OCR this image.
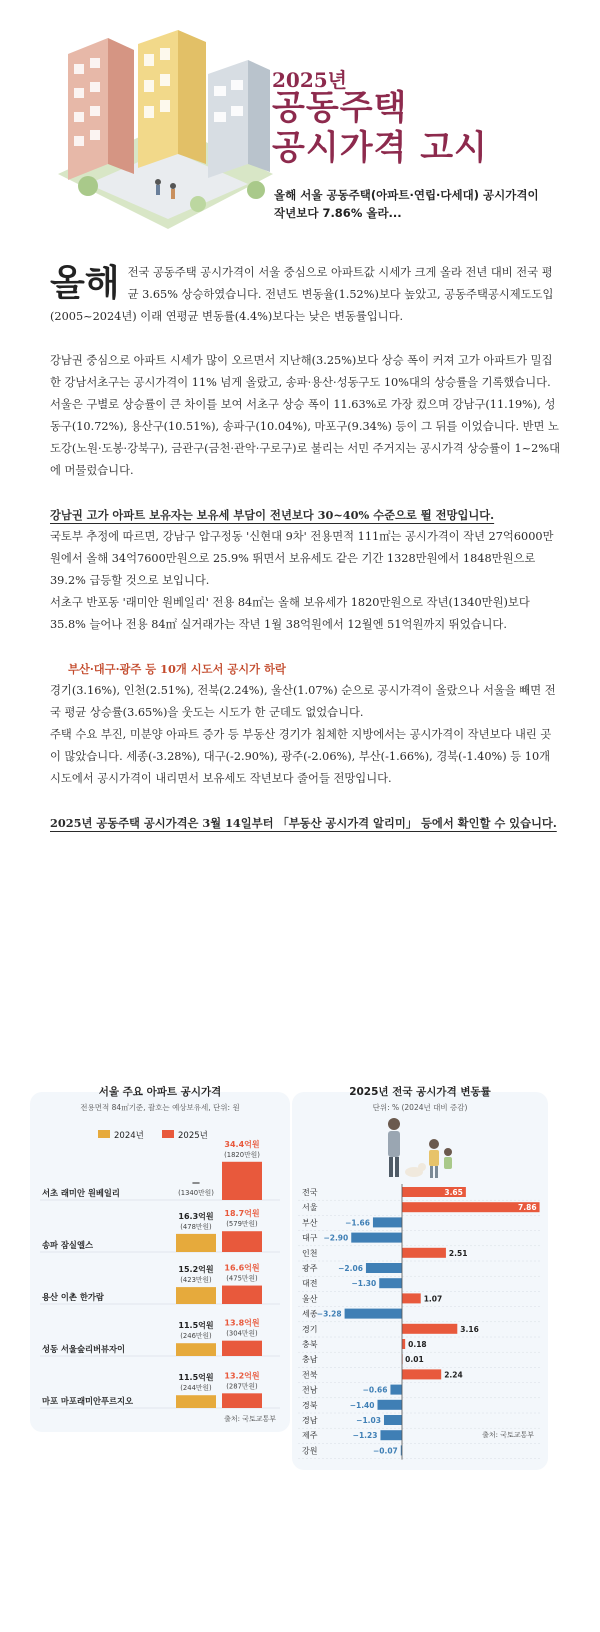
2025년
공동주택
공시가격 고시
올해 서울 공동주택(아파트·연립·다세대) 공시가격이
작년보다 7.86% 올라...

올해 전국 공동주택 공시가격이 서울 중심으로 아파트값 시세가 크게 올라 전년 대비 전국 평균 3.65% 상승하였습니다. 전년도 변동율(1.52%)보다 높았고, 공동주택공시제도도입(2005~2024년) 이래 연평균 변동률(4.4%)보다는 낮은 변동률입니다.

강남권 중심으로 아파트 시세가 많이 오르면서 지난해(3.25%)보다 상승 폭이 커져 고가 아파트가 밀집한 강남서초구는 공시가격이 11% 넘게 올랐고, 송파·용산·성동구도 10%대의 상승률을 기록했습니다.

서울은 구별로 상승률이 큰 차이를 보여 서초구 상승 폭이 11.63%로 가장 컸으며 강남구(11.19%), 성동구(10.72%), 용산구(10.51%), 송파구(10.04%), 마포구(9.34%) 등이 그 뒤를 이었습니다. 반면 노도강(노원·도봉·강북구), 금관구(금천·관악·구로구)로 불리는 서민 주거지는 공시가격 상승률이 1~2%대에 머물렀습니다.

강남권 고가 아파트 보유자는 보유세 부담이 전년보다 30~40% 수준으로 뛸 전망입니다.

국토부 추정에 따르면, 강남구 압구정동 '신현대 9차' 전용면적 111㎡는 공시가격이 작년 27억6000만원에서 올해 34억7600만원으로 25.9% 뛰면서 보유세도 같은 기간 1328만원에서 1848만원으로 39.2% 급등할 것으로 보입니다.

서초구 반포동 '래미안 원베일리' 전용 84㎡는 올해 보유세가 1820만원으로 작년(1340만원)보다 35.8% 늘어나 전용 84㎡ 실거래가는 작년 1월 38억원에서 12월엔 51억원까지 뛰었습니다.

부산·대구·광주 등 10개 시도서 공시가 하락

경기(3.16%), 인천(2.51%), 전북(2.24%), 울산(1.07%) 순으로 공시가격이 올랐으나 서울을 빼면 전국 평균 상승률(3.65%)을 웃도는 시도가 한 군데도 없었습니다.

주택 수요 부진, 미분양 아파트 증가 등 부동산 경기가 침체한 지방에서는 공시가격이 작년보다 내린 곳이 많았습니다. 세종(-3.28%), 대구(-2.90%), 광주(-2.06%), 부산(-1.66%), 경북(-1.40%) 등 10개 시도에서 공시가격이 내리면서 보유세도 작년보다 줄어들 전망입니다.

2025년 공동주택 공시가격은 3월 14일부터 「부동산 공시가격 알리미」 등에서 확인할 수 있습니다.

서울 주요 아파트 공시가격
전용면적 84㎡기준, 괄호는 예상보유세, 단위: 원
2024년	2025년
서초 래미안 원베일리
—
(1340만원)
34.4억원
(1820만원)
송파 잠실엘스
16.3억원
(478만원)
18.7억원
(579만원)
용산 이촌 한가람
15.2억원
(423만원)
16.6억원
(475만원)
성동 서울숲리버뷰자이
11.5억원
(246만원)
13.8억원
(304만원)
마포 마포래미안푸르지오
11.5억원
(244만원)
13.2억원
(287만원)
출처: 국토교통부
2025년 전국 공시가격 변동률
단위: % (2024년 대비 증감)
전국	3.65
서울	7.86
부산	−1.66
대구 −2.90
인천	2.51
광주	−2.06
대전	−1.30
울산	1.07
세종 −3.28
경기	3.16
충북	0.18
충남	0.01
전북	2.24
전남	−0.66
경북	−1.40
경남	−1.03
제주	−1.23
강원	−0.07
출처: 국토교통부
